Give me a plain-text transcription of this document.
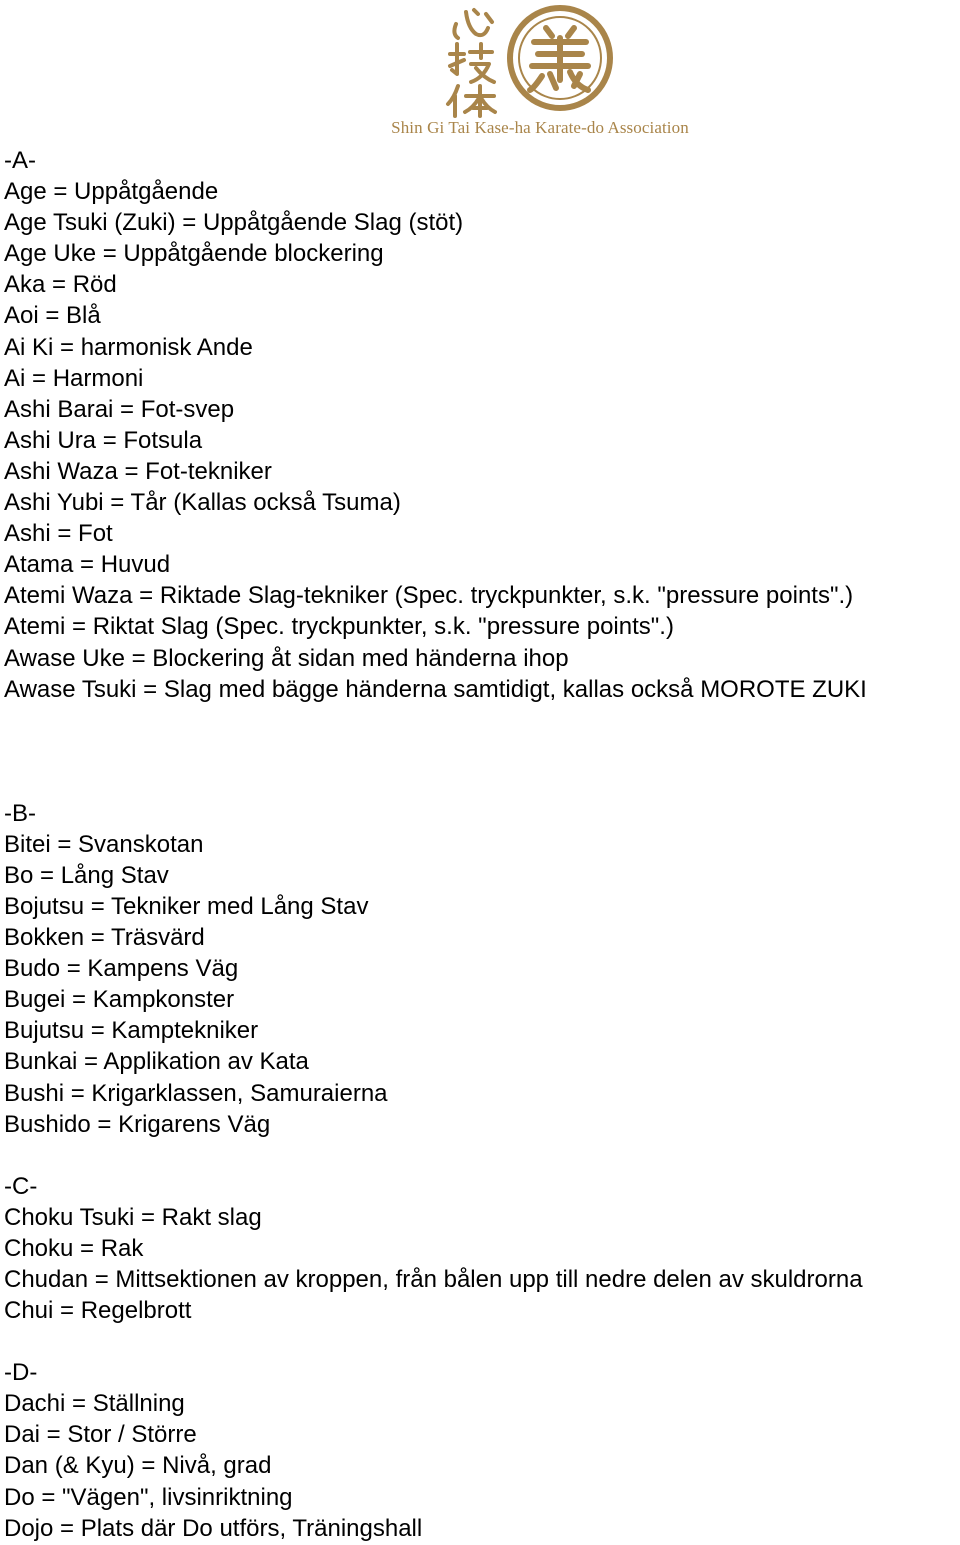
Shin Gi Tai Kase-ha Karate-do Association
-A-
Age = Uppåtgående
Age Tsuki (Zuki) = Uppåtgående Slag (stöt)
Age Uke = Uppåtgående blockering
Aka = Röd
Aoi = Blå
Ai Ki = harmonisk Ande
Ai = Harmoni
Ashi Barai = Fot-svep
Ashi Ura = Fotsula
Ashi Waza = Fot-tekniker
Ashi Yubi = Tår (Kallas också Tsuma)
Ashi = Fot
Atama = Huvud
Atemi Waza = Riktade Slag-tekniker (Spec. tryckpunkter, s.k. "pressure points".)
Atemi = Riktat Slag (Spec. tryckpunkter, s.k. "pressure points".)
Awase Uke = Blockering åt sidan med händerna ihop
Awase Tsuki = Slag med bägge händerna samtidigt, kallas också MOROTE ZUKI
-B-
Bitei = Svanskotan
Bo = Lång Stav
Bojutsu = Tekniker med Lång Stav
Bokken = Träsvärd
Budo = Kampens Väg
Bugei = Kampkonster
Bujutsu = Kamptekniker
Bunkai = Applikation av Kata
Bushi = Krigarklassen, Samuraierna
Bushido = Krigarens Väg
-C-
Choku Tsuki = Rakt slag
Choku = Rak
Chudan = Mittsektionen av kroppen, från bålen upp till nedre delen av skuldrorna
Chui = Regelbrott
-D-
Dachi = Ställning
Dai = Stor / Större
Dan (& Kyu) = Nivå, grad
Do = "Vägen", livsinriktning
Dojo = Plats där Do utförs, Träningshall
